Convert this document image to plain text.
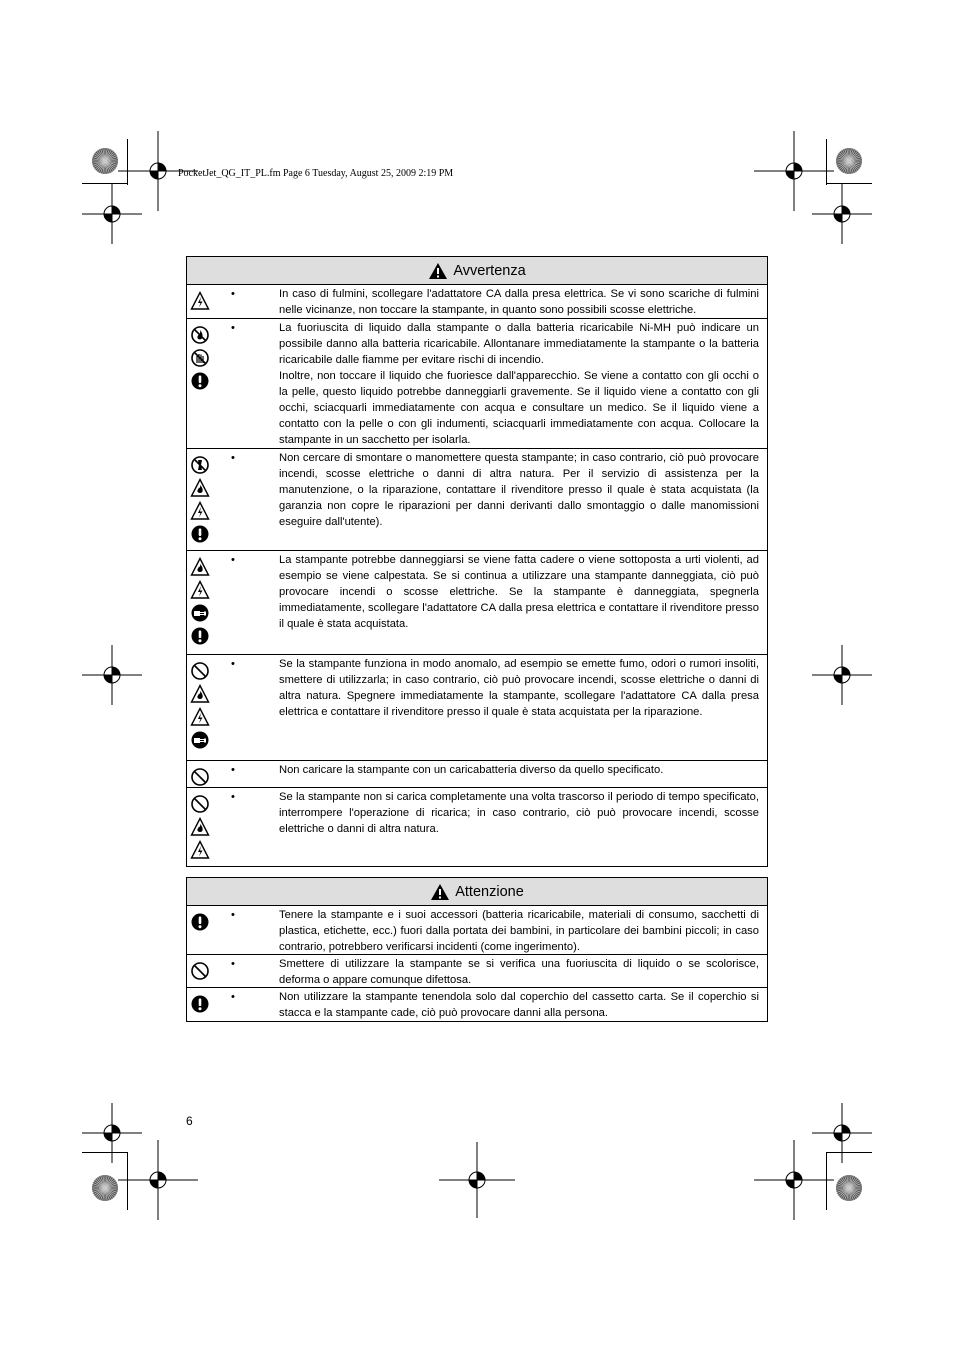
PocketJet_QG_IT_PL.fm Page 6 Tuesday, August 25, 2009 2:19 PM
Avvertenza
•	In caso di fulmini, scollegare l'adattatore CA dalla presa elettrica. Se vi sono scariche di fulmini nelle vicinanze, non toccare la stampante, in quanto sono possibili scosse elettriche.

•	La fuoriuscita di liquido dalla stampante o dalla batteria ricaricabile Ni-MH può indicare un possibile danno alla batteria ricaricabile. Allontanare immediatamente la stampante o la batteria ricaricabile dalle fiamme per evitare rischi di incendio.

Inoltre, non toccare il liquido che fuoriesce dall'apparecchio. Se viene a contatto con gli occhi o la pelle, questo liquido potrebbe danneggiarli gravemente. Se il liquido viene a contatto con gli occhi, sciacquarli immediatamente con acqua e consultare un medico. Se il liquido viene a contatto con la pelle o con gli indumenti, sciacquarli immediatamente con acqua. Collocare la stampante in un sacchetto per isolarla.

•	Non cercare di smontare o manomettere questa stampante; in caso contrario, ciò può provocare incendi, scosse elettriche o danni di altra natura. Per il servizio di assistenza per la manutenzione, o la riparazione, contattare il rivenditore presso il quale è stata acquistata (la garanzia non copre le riparazioni per danni derivanti dallo smontaggio o dalle manomissioni eseguire dall'utente).

•	La stampante potrebbe danneggiarsi se viene fatta cadere o viene sottoposta a urti violenti, ad esempio se viene calpestata. Se si continua a utilizzare una stampante danneggiata, ciò può provocare incendi o scosse elettriche. Se la stampante è danneggiata, spegnerla immediatamente, scollegare l'adattatore CA dalla presa elettrica e contattare il rivenditore presso il quale è stata acquistata.

•	Se la stampante funziona in modo anomalo, ad esempio se emette fumo, odori o rumori insoliti, smettere di utilizzarla; in caso contrario, ciò può provocare incendi, scosse elettriche o danni di altra natura. Spegnere immediatamente la stampante, scollegare l'adattatore CA dalla presa elettrica e contattare il rivenditore presso il quale è stata acquistata per la riparazione.

•	Non caricare la stampante con un caricabatteria diverso da quello specificato.

•	Se la stampante non si carica completamente una volta trascorso il periodo di tempo specificato, interrompere l'operazione di ricarica; in caso contrario, ciò può provocare incendi, scosse elettriche o danni di altra natura.

Attenzione
•	Tenere la stampante e i suoi accessori (batteria ricaricabile, materiali di consumo, sacchetti di plastica, etichette, ecc.) fuori dalla portata dei bambini, in particolare dei bambini piccoli; in caso contrario, potrebbero verificarsi incidenti (come ingerimento).

•	Smettere di utilizzare la stampante se si verifica una fuoriuscita di liquido o se scolorisce, deforma o appare comunque difettosa.

•	Non utilizzare la stampante tenendola solo dal coperchio del cassetto carta. Se il coperchio si stacca e la stampante cade, ciò può provocare danni alla persona.

6
